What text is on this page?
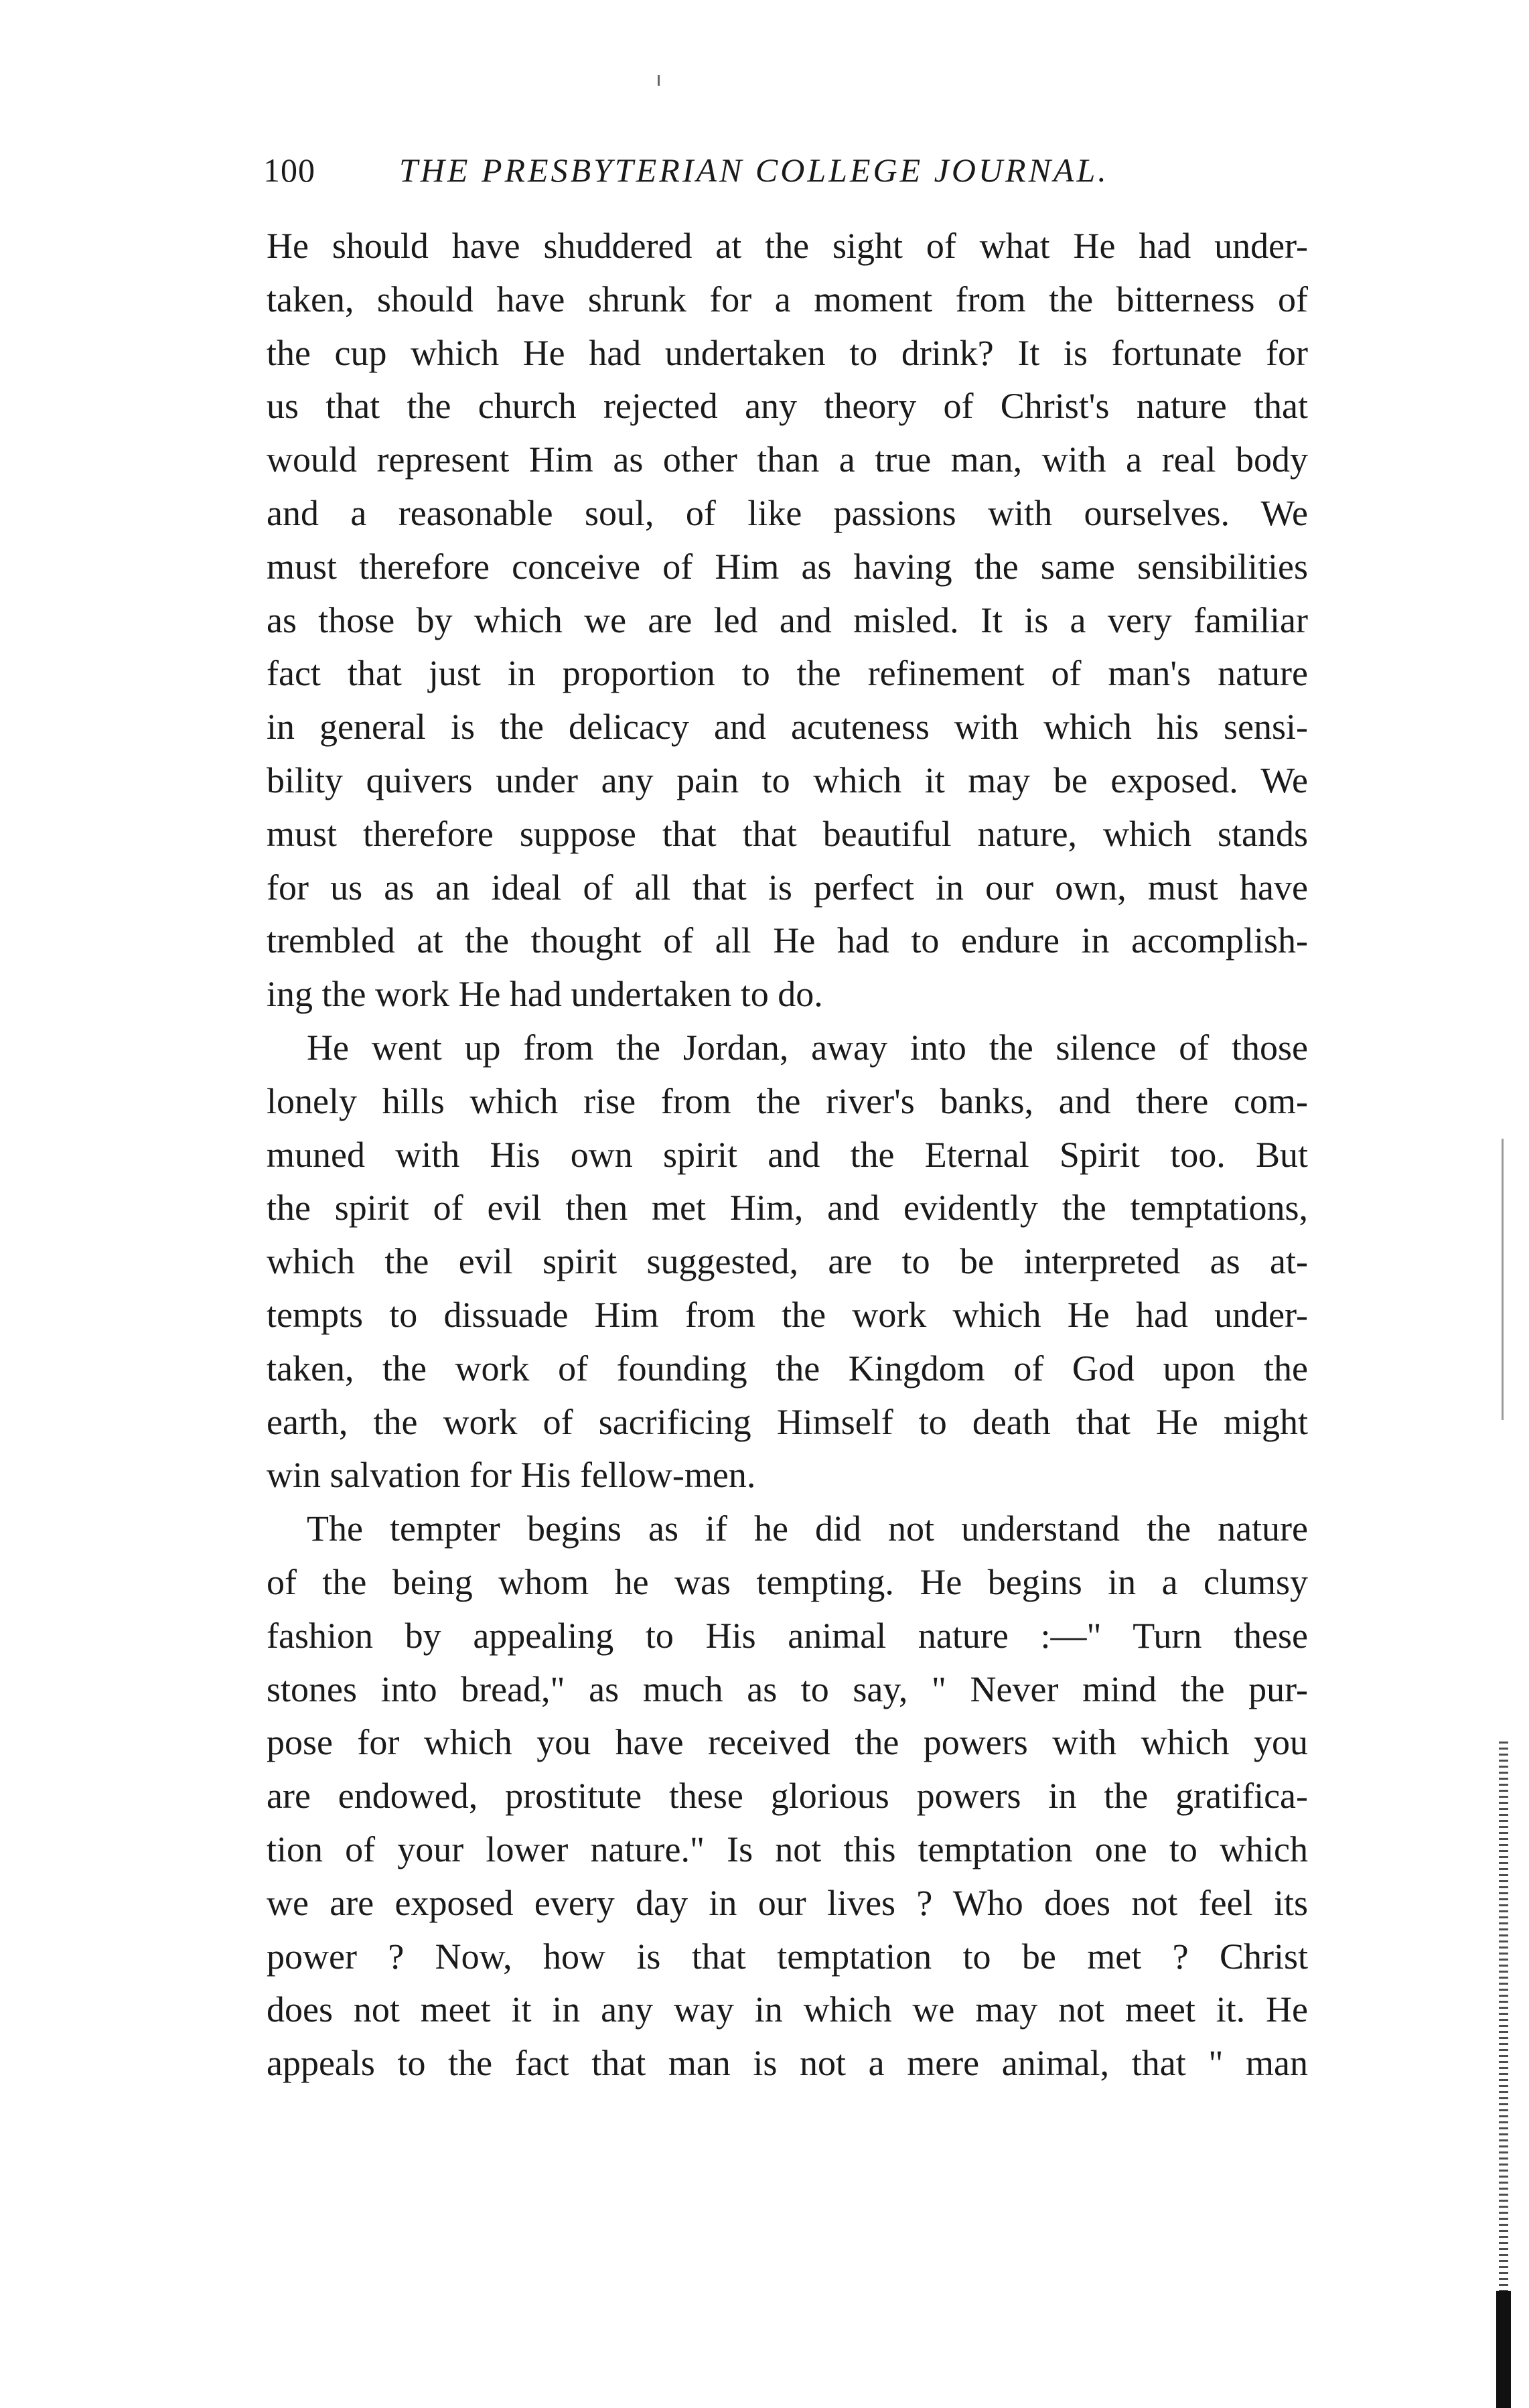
100	THE PRESBYTERIAN COLLEGE JOURNAL.
He should have shuddered at the sight of what He had under-
taken, should have shrunk for a moment from the bitterness of
the cup which He had undertaken to drink? It is fortunate for
us that the church rejected any theory of Christ's nature that
would represent Him as other than a true man, with a real body
and a reasonable soul, of like passions with ourselves. We
must therefore conceive of Him as having the same sensibilities
as those by which we are led and misled. It is a very familiar
fact that just in proportion to the refinement of man's nature
in general is the delicacy and acuteness with which his sensi-
bility quivers under any pain to which it may be exposed. We
must therefore suppose that that beautiful nature, which stands
for us as an ideal of all that is perfect in our own, must have
trembled at the thought of all He had to endure in accomplish-
ing the work He had undertaken to do.
He went up from the Jordan, away into the silence of those
lonely hills which rise from the river's banks, and there com-
muned with His own spirit and the Eternal Spirit too. But
the spirit of evil then met Him, and evidently the temptations,
which the evil spirit suggested, are to be interpreted as at-
tempts to dissuade Him from the work which He had under-
taken, the work of founding the Kingdom of God upon the
earth, the work of sacrificing Himself to death that He might
win salvation for His fellow-men.
The tempter begins as if he did not understand the nature
of the being whom he was tempting. He begins in a clumsy
fashion by appealing to His animal nature :—" Turn these
stones into bread," as much as to say, " Never mind the pur-
pose for which you have received the powers with which you
are endowed, prostitute these glorious powers in the gratifica-
tion of your lower nature." Is not this temptation one to which
we are exposed every day in our lives ? Who does not feel its
power ? Now, how is that temptation to be met ? Christ
does not meet it in any way in which we may not meet it. He
appeals to the fact that man is not a mere animal, that " man
